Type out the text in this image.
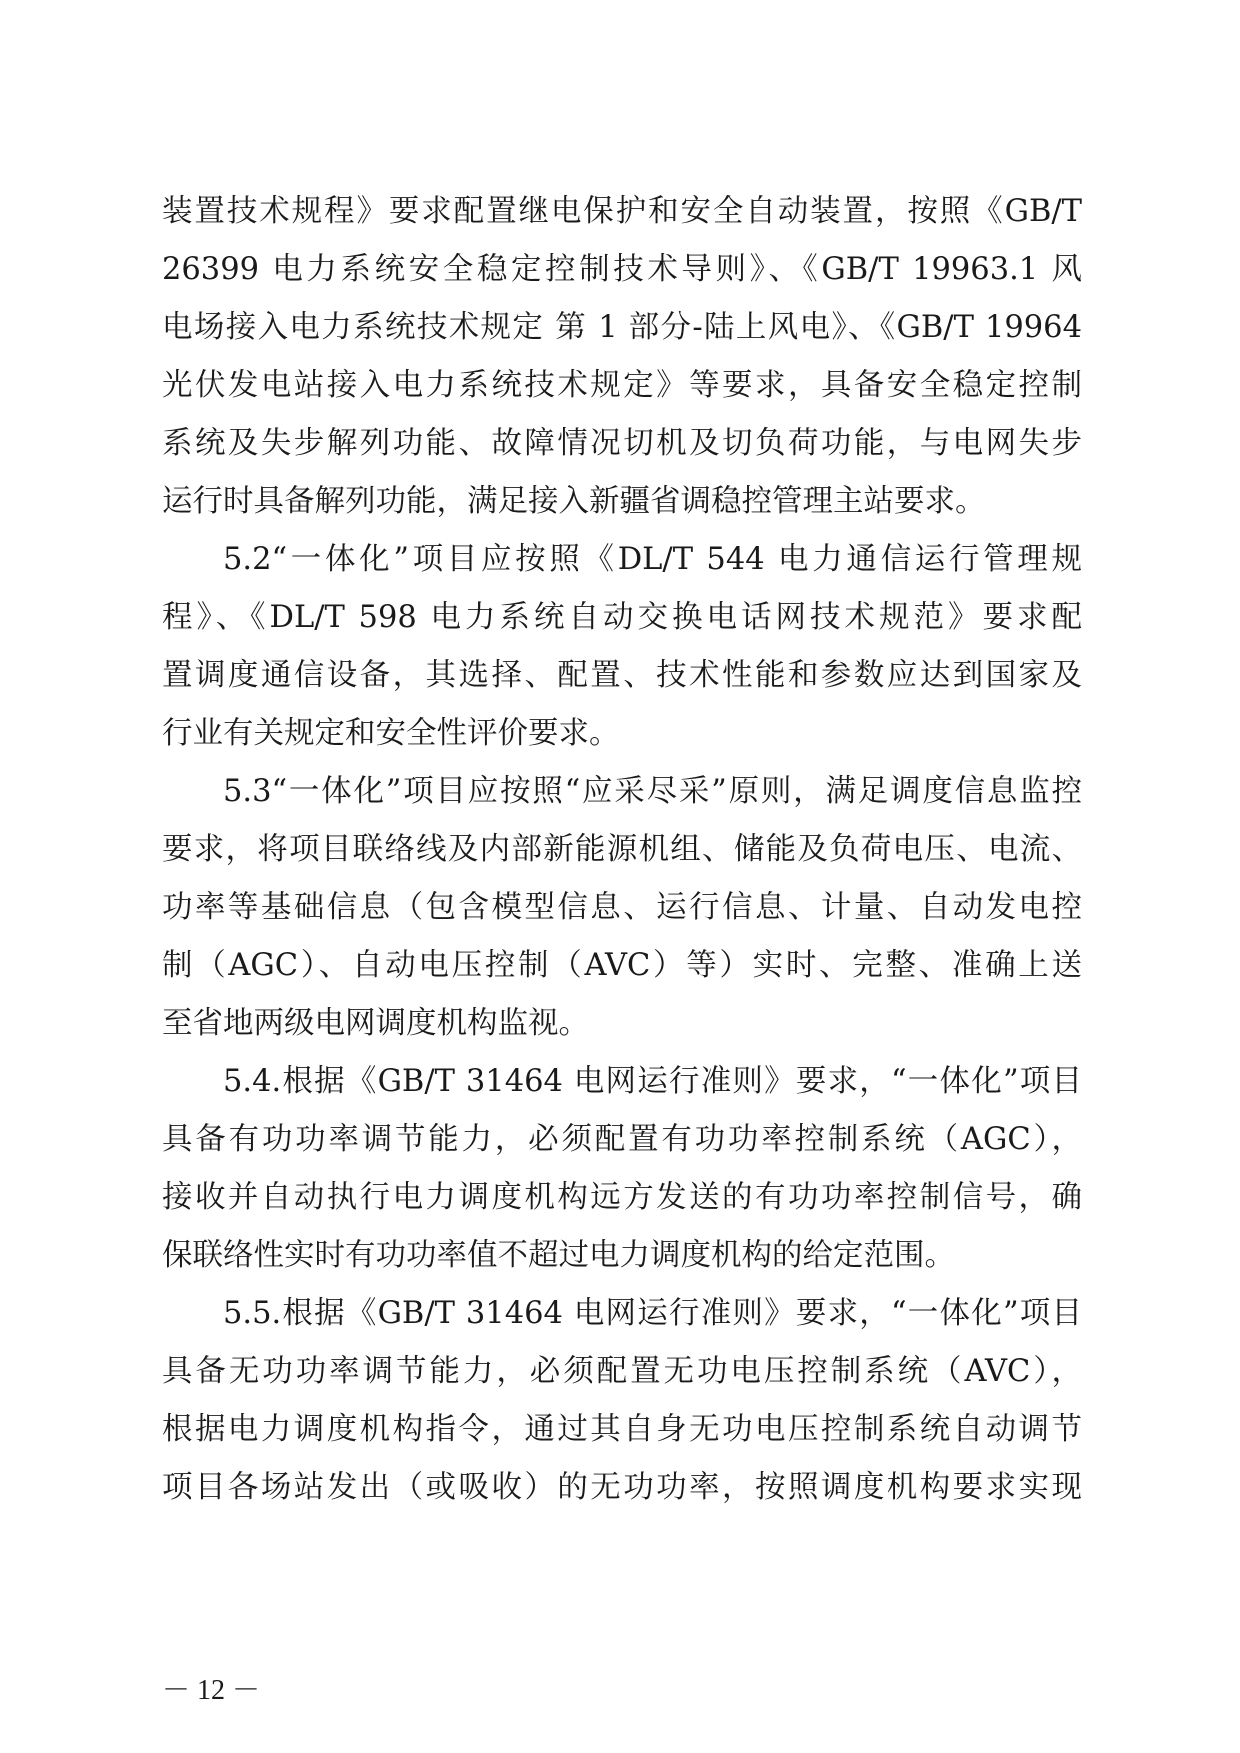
装置技术规程》要求配置继电保护和安全自动装置，按照《GB/T
26399 电力系统安全稳定控制技术导则》、《GB/T 19963.1 风
电场接入电力系统技术规定 第 1 部分-陆上风电》、《GB/T 19964
光伏发电站接入电力系统技术规定》等要求，具备安全稳定控制
系统及失步解列功能、故障情况切机及切负荷功能，与电网失步
运行时具备解列功能，满足接入新疆省调稳控管理主站要求。
5.2“一体化”项目应按照《DL/T 544 电力通信运行管理规
程》、《DL/T 598 电力系统自动交换电话网技术规范》要求配
置调度通信设备，其选择、配置、技术性能和参数应达到国家及
行业有关规定和安全性评价要求。
5.3“一体化”项目应按照“应采尽采”原则，满足调度信息监控
要求，将项目联络线及内部新能源机组、储能及负荷电压、电流、
功率等基础信息（包含模型信息、运行信息、计量、自动发电控
制（AGC）、自动电压控制（AVC）等）实时、完整、准确上送
至省地两级电网调度机构监视。
5.4.根据《GB/T 31464 电网运行准则》要求，“一体化”项目
具备有功功率调节能力，必须配置有功功率控制系统（AGC），
接收并自动执行电力调度机构远方发送的有功功率控制信号，确
保联络性实时有功功率值不超过电力调度机构的给定范围。
5.5.根据《GB/T 31464 电网运行准则》要求，“一体化”项目
具备无功功率调节能力，必须配置无功电压控制系统（AVC），
根据电力调度机构指令，通过其自身无功电压控制系统自动调节
项目各场站发出（或吸收）的无功功率，按照调度机构要求实现
－ 12 －
